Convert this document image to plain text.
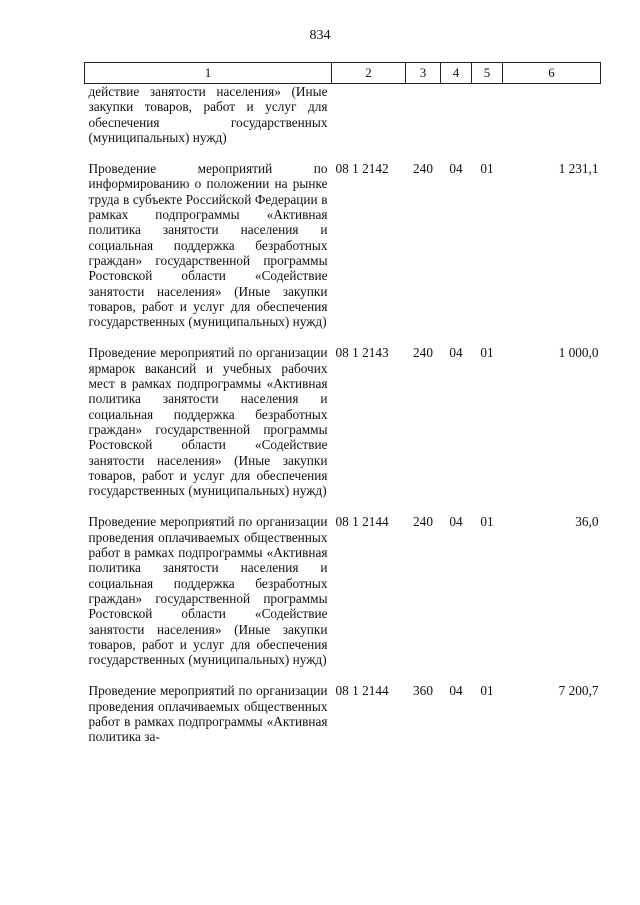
834
1	2	3	4	5	6
действие занятости населения» (Иные закупки товаров, работ и услуг для обеспечения государственных (муниципальных) нужд)					
Проведение мероприятий по информированию о положении на рынке труда в субъекте Российской Федерации в рамках подпрограммы «Активная политика занятости населения и социальная поддержка безработных граждан» государственной программы Ростовской области «Содействие занятости населения» (Иные закупки товаров, работ и услуг для обеспечения государственных (муниципальных) нужд)	08 1 2142	240	04	01	1 231,1
Проведение мероприятий по организации ярмарок вакансий и учебных рабочих мест в рамках подпрограммы «Активная политика занятости населения и социальная поддержка безработных граждан» государственной программы Ростовской области «Содействие занятости населения» (Иные закупки товаров, работ и услуг для обеспечения государственных (муниципальных) нужд)	08 1 2143	240	04	01	1 000,0
Проведение мероприятий по организации проведения оплачиваемых общественных работ в рамках подпрограммы «Активная политика занятости населения и социальная поддержка безработных граждан» государственной программы Ростовской области «Содействие занятости населения» (Иные закупки товаров, работ и услуг для обеспечения государственных (муниципальных) нужд)	08 1 2144	240	04	01	36,0
Проведение мероприятий по организации проведения оплачиваемых общественных работ в рамках подпрограммы «Активная политика за-	08 1 2144	360	04	01	7 200,7
